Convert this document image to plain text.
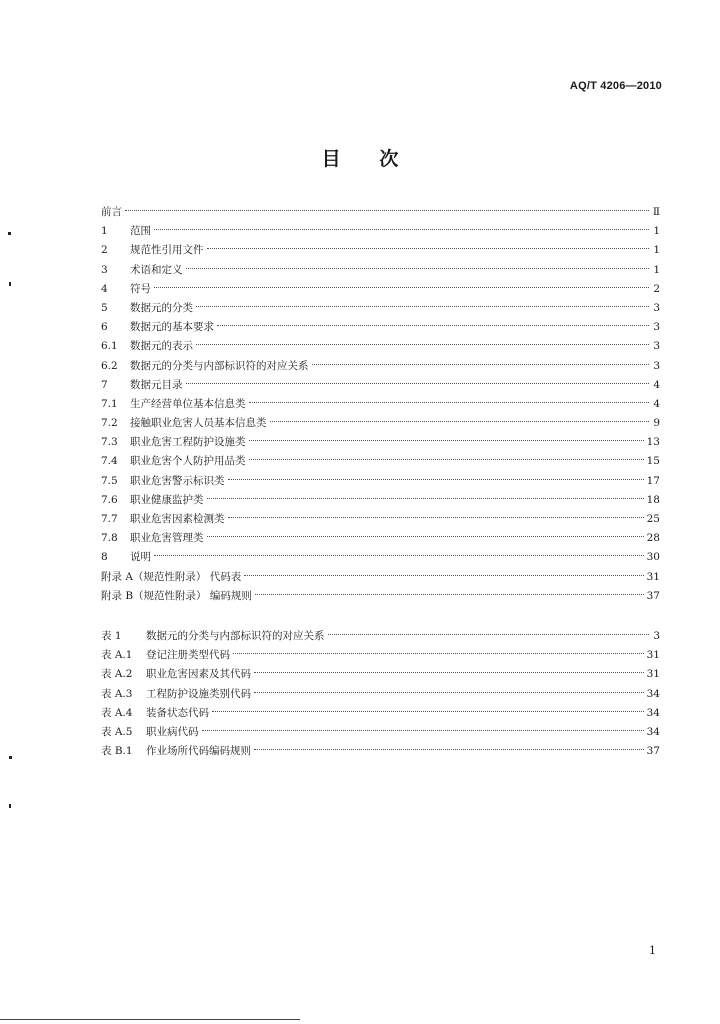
AQ/T 4206—2010
目 次
前言	Ⅱ
1	范围	1
2	规范性引用文件	1
3	术语和定义	1
4	符号	2
5	数据元的分类	3
6	数据元的基本要求	3
6.1	数据元的表示	3
6.2	数据元的分类与内部标识符的对应关系	3
7	数据元目录	4
7.1	生产经营单位基本信息类	4
7.2	接触职业危害人员基本信息类	9
7.3	职业危害工程防护设施类	13
7.4	职业危害个人防护用品类	15
7.5	职业危害警示标识类	17
7.6	职业健康监护类	18
7.7	职业危害因素检测类	25
7.8	职业危害管理类	28
8	说明	30
附录 A（规范性附录） 代码表	31
附录 B（规范性附录） 编码规则	37
表 1	数据元的分类与内部标识符的对应关系	3
表 A.1	登记注册类型代码	31
表 A.2	职业危害因素及其代码	31
表 A.3	工程防护设施类别代码	34
表 A.4	装备状态代码	34
表 A.5	职业病代码	34
表 B.1	作业场所代码编码规则	37
1
